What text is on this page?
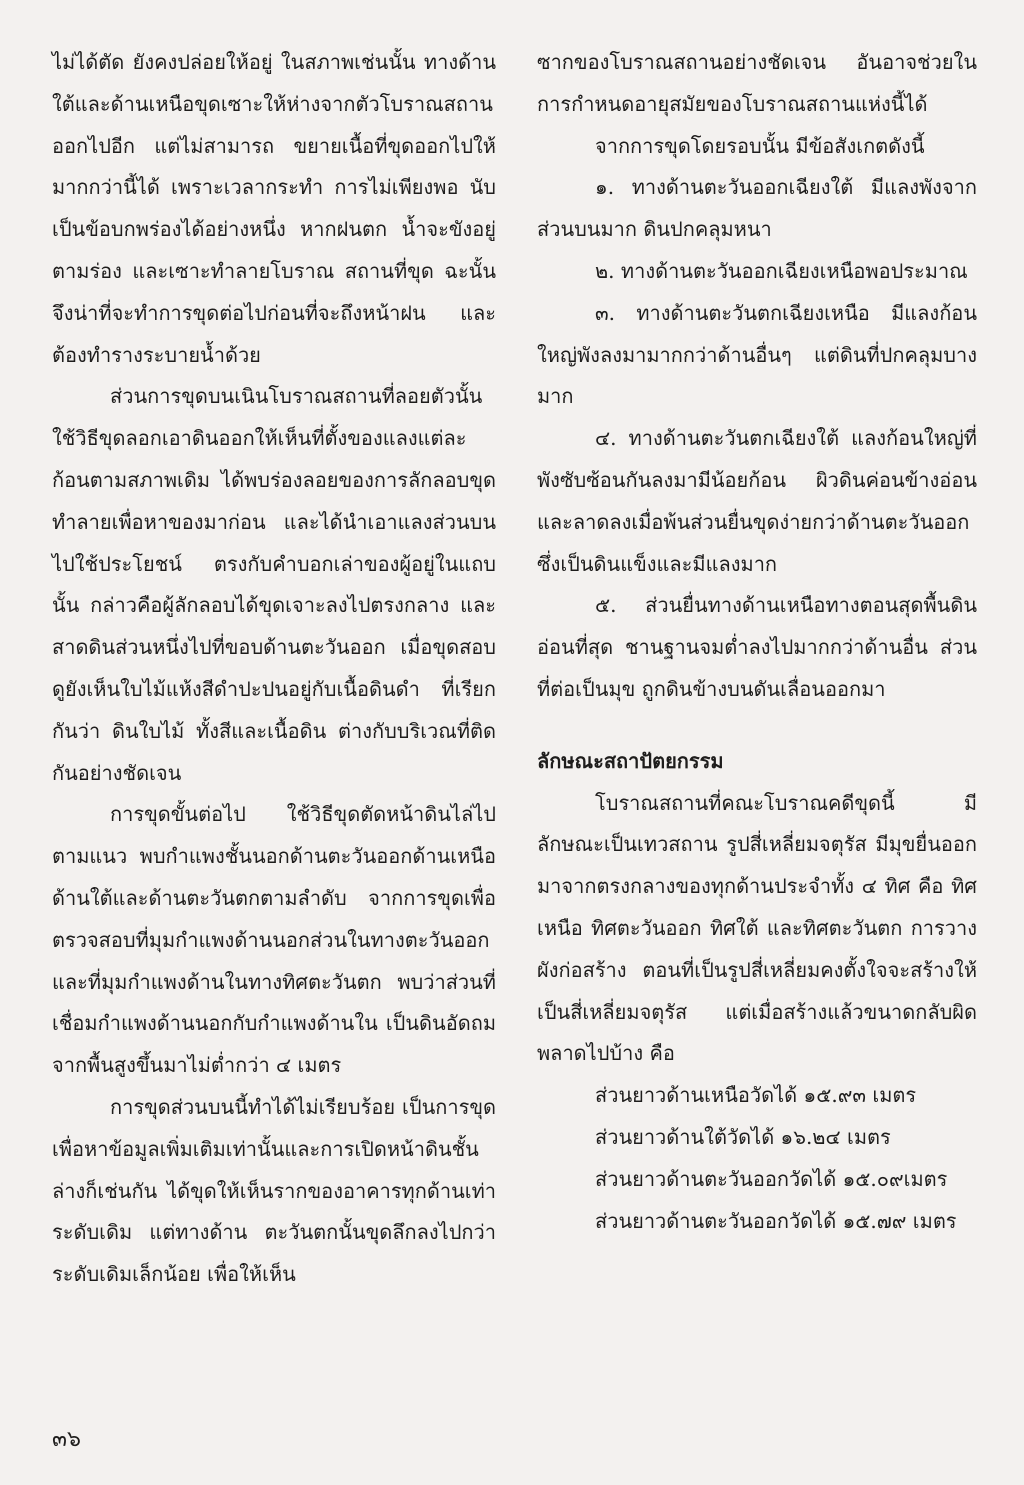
ไม่ได้ตัด ยังคงปล่อยให้อยู่ ในสภาพเช่นนั้น ทางด้านใต้และด้านเหนือขุดเซาะให้ห่างจากตัวโบราณสถาน ออกไปอีก แต่ไม่สามารถ ขยายเนื้อที่ขุดออกไปให้มากกว่านี้ได้ เพราะเวลากระทำ การไม่เพียงพอ นับเป็นข้อบกพร่องได้อย่างหนึ่ง หากฝนตก น้ำจะขังอยู่ตามร่อง และเซาะทำลายโบราณ สถานที่ขุด ฉะนั้น จึงน่าที่จะทำการขุดต่อไปก่อนที่จะถึงหน้าฝน และต้องทำรางระบายน้ำด้วย

ส่วนการขุดบนเนินโบราณสถานที่ลอยตัวนั้น ใช้วิธีขุดลอกเอาดินออกให้เห็นที่ตั้งของแลงแต่ละก้อนตามสภาพเดิม ได้พบร่องลอยของการลักลอบขุดทำลายเพื่อหาของมาก่อน และได้นำเอาแลงส่วนบนไปใช้ประโยชน์ ตรงกับคำบอกเล่าของผู้อยู่ในแถบนั้น กล่าวคือผู้ลักลอบได้ขุดเจาะลงไปตรงกลาง และสาดดินส่วนหนึ่งไปที่ขอบด้านตะวันออก เมื่อขุดสอบดูยังเห็นใบไม้แห้งสีดำปะปนอยู่กับเนื้อดินดำ ที่เรียกกันว่า ดินใบไม้ ทั้งสีและเนื้อดิน ต่างกับบริเวณที่ติดกันอย่างชัดเจน

การขุดขั้นต่อไป ใช้วิธีขุดตัดหน้าดินไล่ไปตามแนว พบกำแพงชั้นนอกด้านตะวันออกด้านเหนือด้านใต้และด้านตะวันตกตามลำดับ จากการขุดเพื่อตรวจสอบที่มุมกำแพงด้านนอกส่วนในทางตะวันออก และที่มุมกำแพงด้านในทางทิศตะวันตก พบว่าส่วนที่เชื่อมกำแพงด้านนอกกับกำแพงด้านใน เป็นดินอัดถมจากพื้นสูงขึ้นมาไม่ต่ำกว่า ๔ เมตร

การขุดส่วนบนนี้ทำได้ไม่เรียบร้อย เป็นการขุดเพื่อหาข้อมูลเพิ่มเติมเท่านั้นและการเปิดหน้าดินชั้นล่างก็เช่นกัน ได้ขุดให้เห็นรากของอาคารทุกด้านเท่าระดับเดิม แต่ทางด้าน ตะวันตกนั้นขุดลึกลงไปกว่าระดับเดิมเล็กน้อย เพื่อให้เห็น

ซากของโบราณสถานอย่างชัดเจน อันอาจช่วยในการกำหนดอายุสมัยของโบราณสถานแห่งนี้ได้

จากการขุดโดยรอบนั้น มีข้อสังเกตดังนี้

๑. ทางด้านตะวันออกเฉียงใต้ มีแลงพังจากส่วนบนมาก ดินปกคลุมหนา

๒. ทางด้านตะวันออกเฉียงเหนือพอประมาณ

๓. ทางด้านตะวันตกเฉียงเหนือ มีแลงก้อนใหญ่พังลงมามากกว่าด้านอื่นๆ แต่ดินที่ปกคลุมบางมาก

๔. ทางด้านตะวันตกเฉียงใต้ แลงก้อนใหญ่ที่พังซับซ้อนกันลงมามีน้อยก้อน ผิวดินค่อนข้างอ่อน และลาดลงเมื่อพ้นส่วนยื่นขุดง่ายกว่าด้านตะวันออกซึ่งเป็นดินแข็งและมีแลงมาก

๕. ส่วนยื่นทางด้านเหนือทางตอนสุดพื้นดินอ่อนที่สุด ชานฐานจมต่ำลงไปมากกว่าด้านอื่น ส่วนที่ต่อเป็นมุข ถูกดินข้างบนดันเลื่อนออกมา

ลักษณะสถาปัตยกรรม

โบราณสถานที่คณะโบราณคดีขุดนี้ มีลักษณะเป็นเทวสถาน รูปสี่เหลี่ยมจตุรัส มีมุขยื่นออกมาจากตรงกลางของทุกด้านประจำทั้ง ๔ ทิศ คือ ทิศเหนือ ทิศตะวันออก ทิศใต้ และทิศตะวันตก การวางผังก่อสร้าง ตอนที่เป็นรูปสี่เหลี่ยมคงตั้งใจจะสร้างให้เป็นสี่เหลี่ยมจตุรัส แต่เมื่อสร้างแล้วขนาดกลับผิดพลาดไปบ้าง คือ

ส่วนยาวด้านเหนือวัดได้ ๑๕.๙๓ เมตร

ส่วนยาวด้านใต้วัดได้ ๑๖.๒๔ เมตร

ส่วนยาวด้านตะวันออกวัดได้ ๑๕.๐๙เมตร

ส่วนยาวด้านตะวันออกวัดได้ ๑๕.๗๙ เมตร

๓๖
